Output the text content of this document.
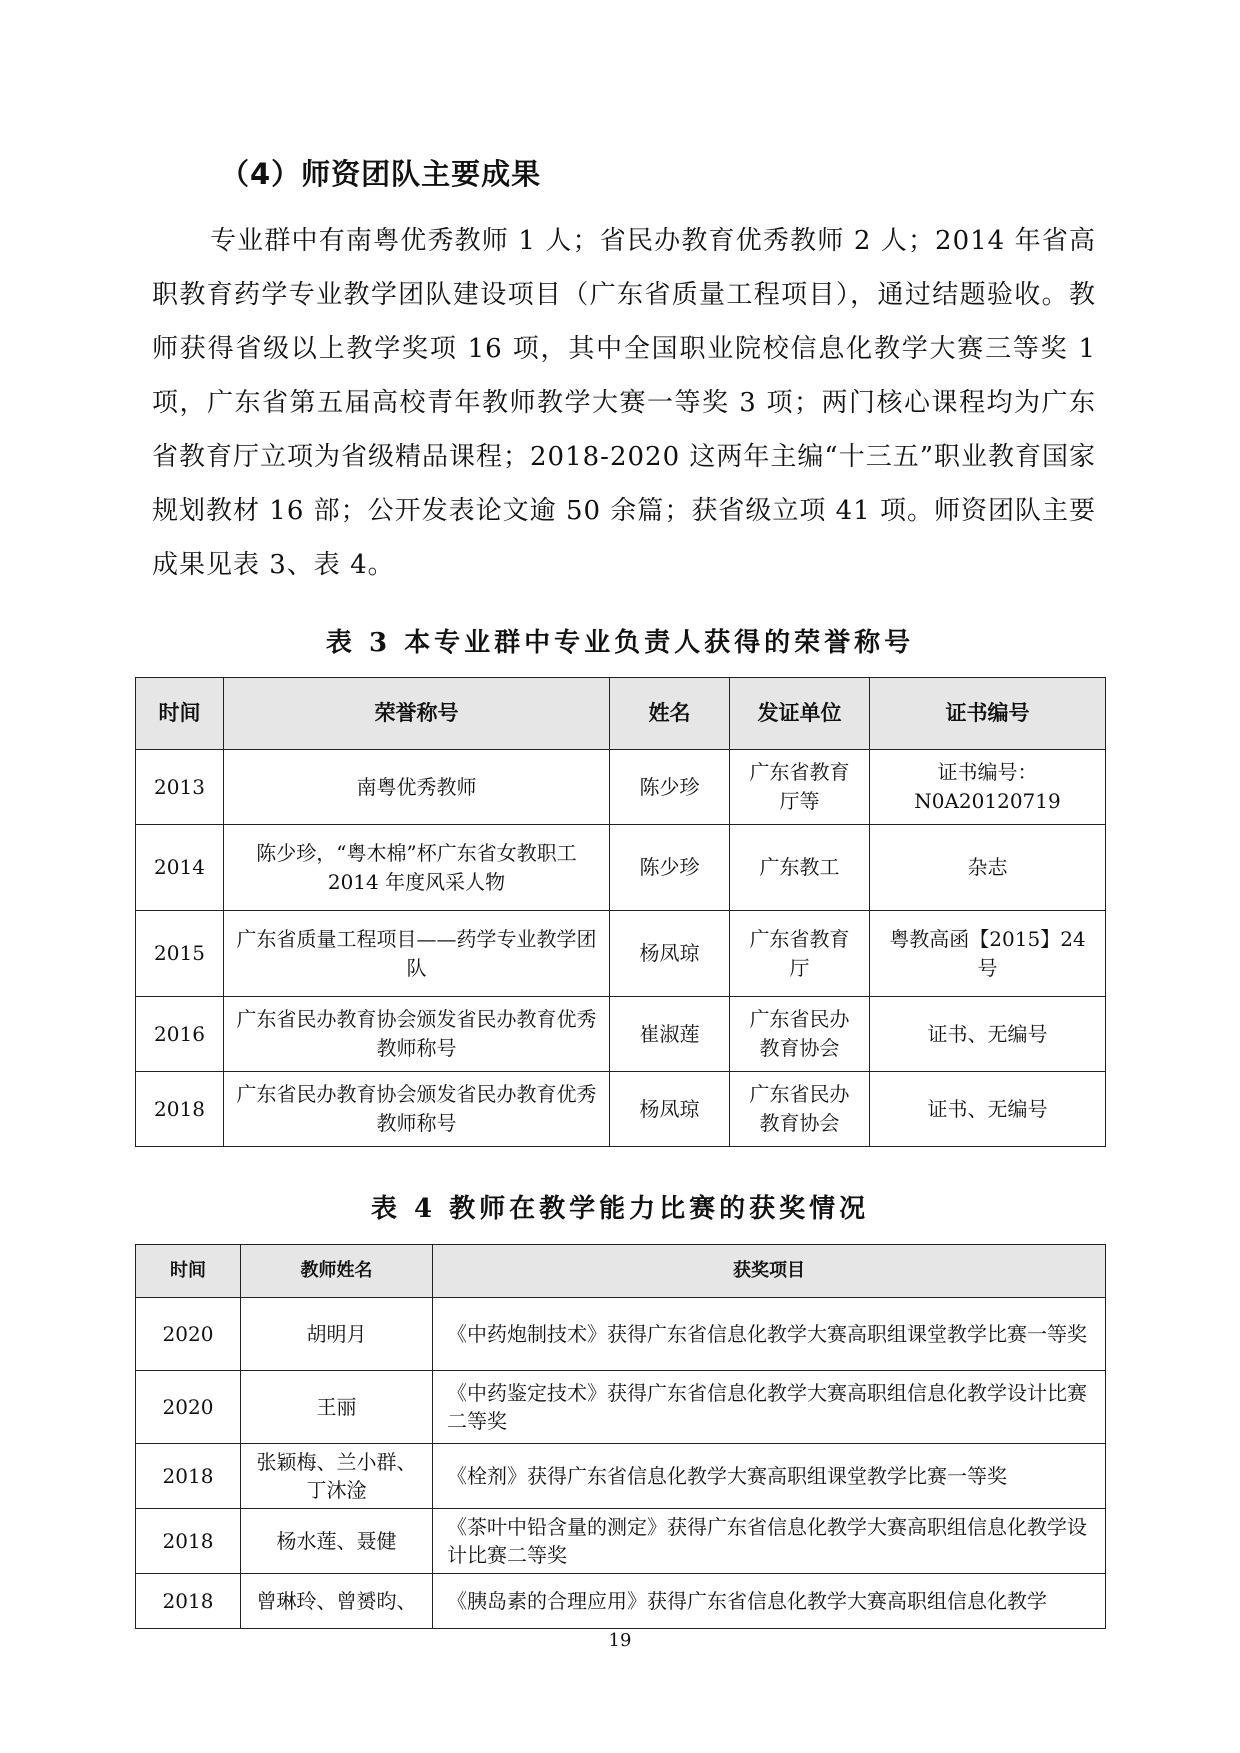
（4）师资团队主要成果

专业群中有南粤优秀教师 1 人；省民办教育优秀教师 2 人；2014 年省高职教育药学专业教学团队建设项目（广东省质量工程项目），通过结题验收。教师获得省级以上教学奖项 16 项，其中全国职业院校信息化教学大赛三等奖 1 项，广东省第五届高校青年教师教学大赛一等奖 3 项；两门核心课程均为广东省教育厅立项为省级精品课程；2018-2020 这两年主编“十三五”职业教育国家规划教材 16 部；公开发表论文逾 50 余篇；获省级立项 41 项。师资团队主要成果见表 3、表 4。

表 3 本专业群中专业负责人获得的荣誉称号
时间	荣誉称号	姓名	发证单位	证书编号
2013	南粤优秀教师	陈少珍	广东省教育厅等	证书编号：N0A20120719
2014	陈少珍，“粤木棉”杯广东省女教职工 2014 年度风采人物	陈少珍	广东教工	杂志
2015	广东省质量工程项目——药学专业教学团队	杨凤琼	广东省教育厅	粤教高函【2015】24 号
2016	广东省民办教育协会颁发省民办教育优秀教师称号	崔淑莲	广东省民办教育协会	证书、无编号
2018	广东省民办教育协会颁发省民办教育优秀教师称号	杨凤琼	广东省民办教育协会	证书、无编号
表 4 教师在教学能力比赛的获奖情况
时间	教师姓名	获奖项目
2020	胡明月	《中药炮制技术》获得广东省信息化教学大赛高职组课堂教学比赛一等奖
2020	王丽	《中药鉴定技术》获得广东省信息化教学大赛高职组信息化教学设计比赛二等奖
2018	张颖梅、兰小群、丁沐淦	《栓剂》获得广东省信息化教学大赛高职组课堂教学比赛一等奖
2018	杨水莲、聂健	《茶叶中铅含量的测定》获得广东省信息化教学大赛高职组信息化教学设计比赛二等奖
2018	曾琳玲、曾赟昀、	《胰岛素的合理应用》获得广东省信息化教学大赛高职组信息化教学
19
